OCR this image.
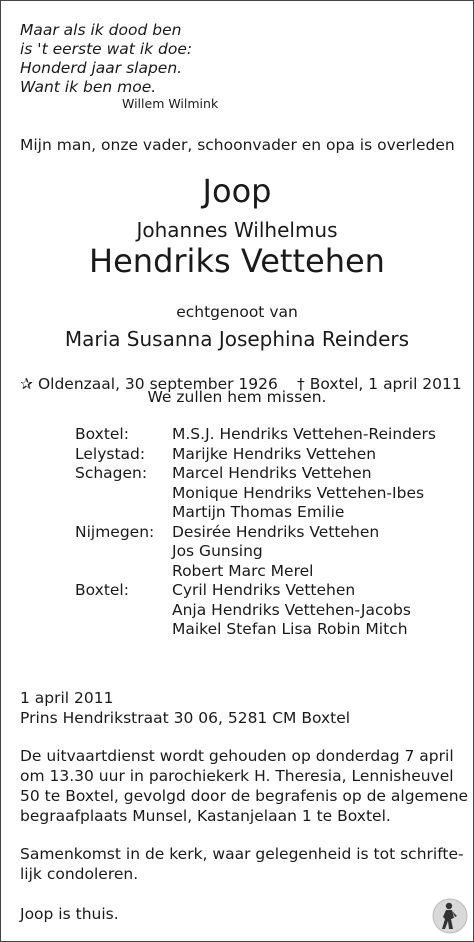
Maar als ik dood ben
is 't eerste wat ik doe:
Honderd jaar slapen.
Want ik ben moe.
Willem Wilmink
Mijn man, onze vader, schoonvader en opa is overleden
Joop
Johannes Wilhelmus
Hendriks Vettehen
echtgenoot van
Maria Susanna Josephina Reinders
✰ Oldenzaal, 30 september 1926 † Boxtel, 1 april 2011
We zullen hem missen.
Boxtel:	M.S.J. Hendriks Vettehen-Reinders
Lelystad: Marijke Hendriks Vettehen
Schagen: Marcel Hendriks Vettehen
Monique Hendriks Vettehen-Ibes
Martijn Thomas Emilie
Nijmegen: Desirée Hendriks Vettehen
Jos Gunsing
Robert Marc Merel
Boxtel:	Cyril Hendriks Vettehen
Anja Hendriks Vettehen-Jacobs
Maikel Stefan Lisa Robin Mitch
1 april 2011
Prins Hendrikstraat 30 06, 5281 CM Boxtel
De uitvaartdienst wordt gehouden op donderdag 7 april
om 13.30 uur in parochiekerk H. Theresia, Lennisheuvel
50 te Boxtel, gevolgd door de begrafenis op de algemene
begraafplaats Munsel, Kastanjelaan 1 te Boxtel.
Samenkomst in de kerk, waar gelegenheid is tot schrifte-
lijk condoleren.
Joop is thuis.
